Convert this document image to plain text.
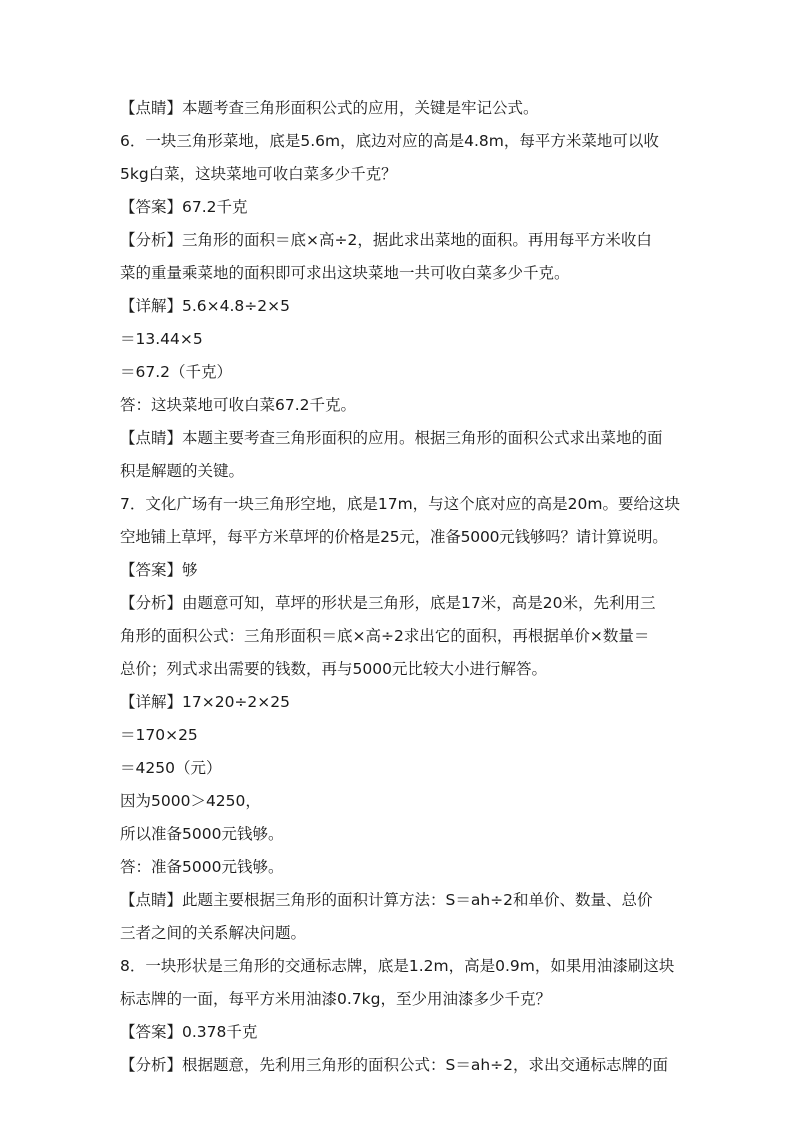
【点睛】本题考查三角形面积公式的应用，关键是牢记公式。
6．一块三角形菜地，底是5.6m，底边对应的高是4.8m，每平方米菜地可以收
5kg白菜，这块菜地可收白菜多少千克？
【答案】67.2千克
【分析】三角形的面积＝底×高÷2，据此求出菜地的面积。再用每平方米收白
菜的重量乘菜地的面积即可求出这块菜地一共可收白菜多少千克。
【详解】5.6×4.8÷2×5
＝13.44×5
＝67.2（千克）
答：这块菜地可收白菜67.2千克。
【点睛】本题主要考查三角形面积的应用。根据三角形的面积公式求出菜地的面
积是解题的关键。
7．文化广场有一块三角形空地，底是17m，与这个底对应的高是20m。要给这块
空地铺上草坪，每平方米草坪的价格是25元，准备5000元钱够吗？请计算说明。
【答案】够
【分析】由题意可知，草坪的形状是三角形，底是17米，高是20米，先利用三
角形的面积公式：三角形面积＝底×高÷2求出它的面积，再根据单价×数量＝
总价；列式求出需要的钱数，再与5000元比较大小进行解答。
【详解】17×20÷2×25
＝170×25
＝4250（元）
因为5000＞4250，
所以准备5000元钱够。
答：准备5000元钱够。
【点睛】此题主要根据三角形的面积计算方法：S＝ah÷2和单价、数量、总价
三者之间的关系解决问题。
8．一块形状是三角形的交通标志牌，底是1.2m，高是0.9m，如果用油漆刷这块
标志牌的一面，每平方米用油漆0.7kg，至少用油漆多少千克？
【答案】0.378千克
【分析】根据题意，先利用三角形的面积公式：S＝ah÷2，求出交通标志牌的面
